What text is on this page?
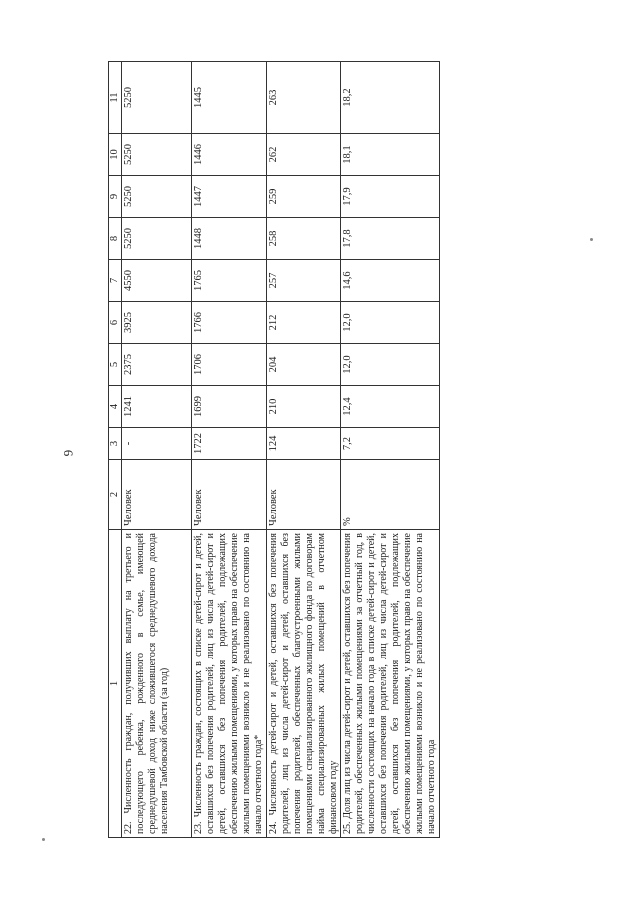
6
1	2	3	4	5	6	7	8	9	10	11
22. Численность граждан, получивших выплату на третьего и последующего ребенка, рожденного в семье, имеющей среднедушевой доход ниже сложившегося среднедушевого дохода населения Тамбовской области (за год)	Человек	-	1241	2375	3925	4550	5250	5250	5250	5250
23. Численность граждан, состоящих в списке детей-сирот и детей, оставшихся без попечения родителей, лиц из числа детей-сирот и детей, оставшихся без попечения родителей, подлежащих обеспечению жилыми помещениями, у которых право на обеспечение жилыми помещениями возникло и не реализовано по состоянию на начало отчетного года*	Человек	1722	1699	1706	1766	1765	1448	1447	1446	1445
24. Численность детей-сирот и детей, оставшихся без попечения родителей, лиц из числа детей-сирот и детей, оставшихся без попечения родителей, обеспеченных благоустроенными жилыми помещениями специализированного жилищного фонда по договорам найма специализированных жилых помещений в отчетном финансовом году	Человек	124	210	204	212	257	258	259	262	263
25. Доля лиц из числа детей-сирот и детей, оставшихся без попечения родителей, обеспеченных жилыми помещениями за отчетный год, в численности состоящих на начало года в списке детей-сирот и детей, оставшихся без попечения родителей, лиц из числа детей-сирот и детей, оставшихся без попечения родителей, подлежащих обеспечению жилыми помещениями, у которых право на обеспечение жилыми помещениями возникло и не реализовано по состоянию на начало отчетного года	%	7,2	12,4	12,0	12,0	14,6	17,8	17,9	18,1	18,2
